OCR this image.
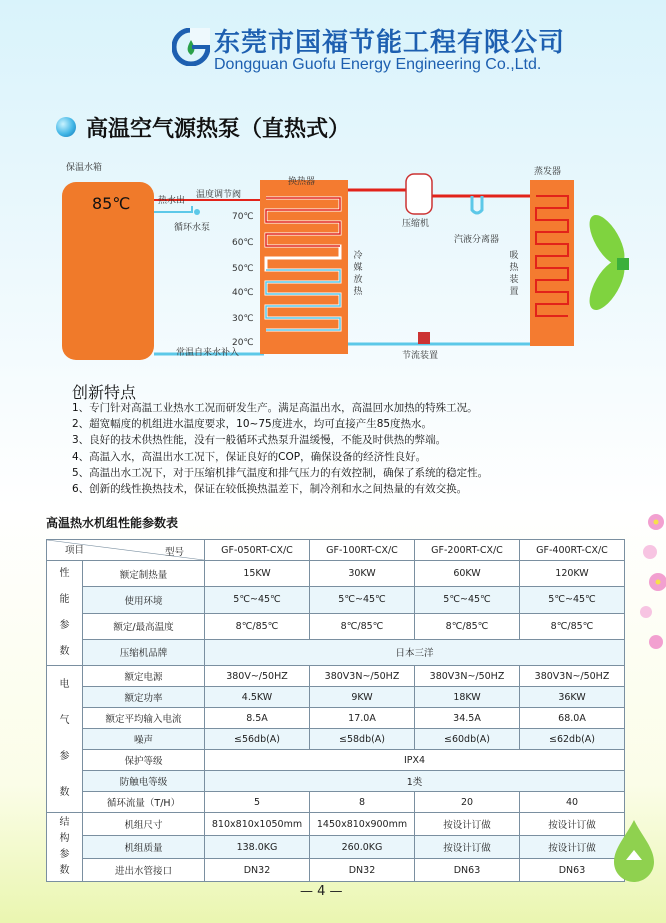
东莞市国福节能工程有限公司
Dongguan Guofu Energy Engineering Co.,Ltd.
高温空气源热泵（直热式）
保温水箱
85℃	热水出
温度调节阀
循环水泵
换热器
70℃
60℃
50℃
40℃
30℃
20℃
冷媒放热
压缩机
汽液分离器
蒸发器
吸热装置
常温自来水补入	节流装置
创新特点
1、专门针对高温工业热水工况而研发生产。满足高温出水，高温回水加热的特殊工况。
2、超宽幅度的机组进水温度要求，10~75度进水，均可直接产生85度热水。
3、良好的技术供热性能，没有一般循环式热泵升温缓慢，不能及时供热的弊端。
4、高温入水，高温出水工况下，保证良好的COP，确保设备的经济性良好。
5、高温出水工况下，对于压缩机排气温度和排气压力的有效控制，确保了系统的稳定性。
6、创新的线性换热技术，保证在较低换热温差下，制冷剂和水之间热量的有效交换。
高温热水机组性能参数表
项目 型号		GF-050RT-CX/C	GF-100RT-CX/C	GF-200RT-CX/C	GF-400RT-CX/C

性
能
参
数	额定制热量	15KW	30KW	60KW	120KW
	使用环境	5℃~45℃	5℃~45℃	5℃~45℃	5℃~45℃
	额定/最高温度	8℃/85℃	8℃/85℃	8℃/85℃	8℃/85℃
	压缩机品牌	日本三洋			

电
气
参
数	额定电源	380V~/50HZ	380V3N~/50HZ	380V3N~/50HZ	380V3N~/50HZ
	额定功率	4.5KW	9KW	18KW	36KW
	额定平均输入电流	8.5A	17.0A	34.5A	68.0A
	噪声	≤56db(A)	≤58db(A)	≤60db(A)	≤62db(A)
	保护等级	IPX4			
	防触电等级	1类			
	循环流量（T/H）	5	8	20	40

结
构
参
数	机组尺寸	810x810x1050mm	1450x810x900mm	按设计订做	按设计订做
	机组质量	138.0KG	260.0KG	按设计订做	按设计订做
	进出水管接口	DN32	DN32	DN63	DN63
— 4 —
